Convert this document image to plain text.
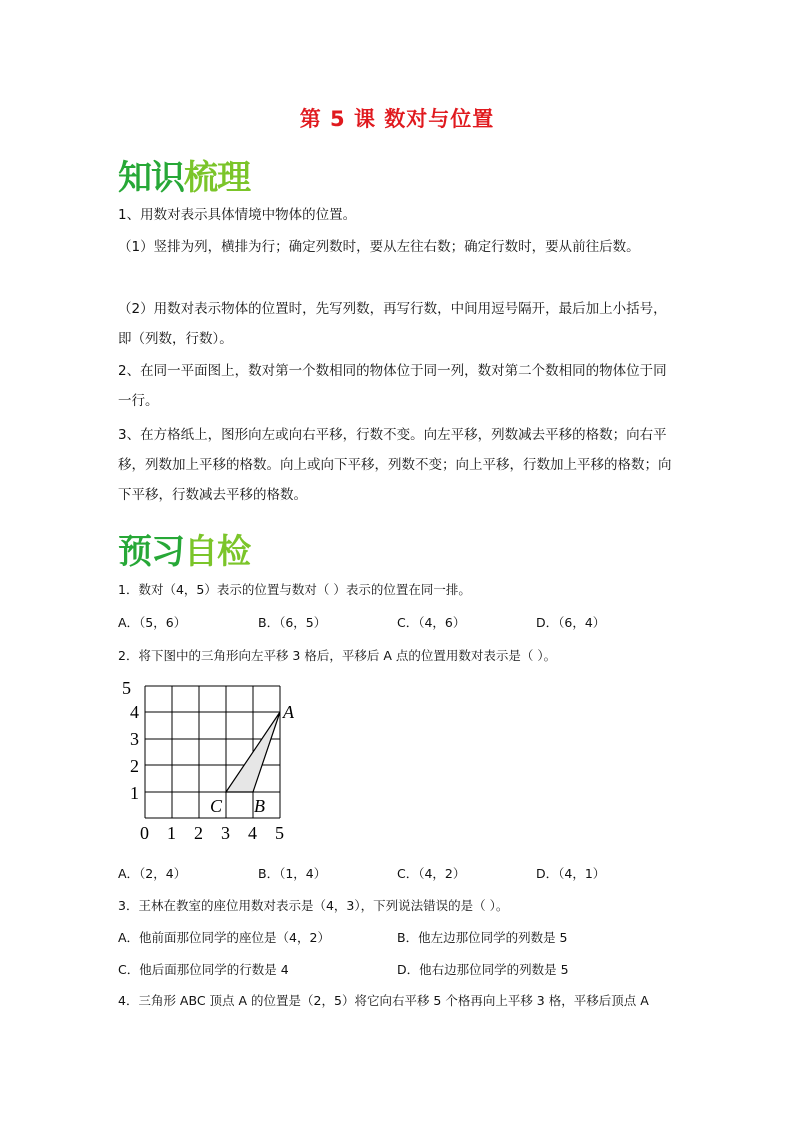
第 5 课 数对与位置
知识梳理
1、用数对表示具体情境中物体的位置。
（1）竖排为列，横排为行；确定列数时，要从左往右数；确定行数时，要从前往后数。
（2）用数对表示物体的位置时，先写列数，再写行数，中间用逗号隔开，最后加上小括号，即（列数，行数）。
2、在同一平面图上，数对第一个数相同的物体位于同一列，数对第二个数相同的物体位于同一行。
3、在方格纸上，图形向左或向右平移，行数不变。向左平移，列数减去平移的格数；向右平移，列数加上平移的格数。向上或向下平移，列数不变；向上平移，行数加上平移的格数；向下平移，行数减去平移的格数。
预习自检
1．数对（4，5）表示的位置与数对（ ）表示的位置在同一排。
A．（5，6）	B．（6，5）	C．（4，6）	D．（6，4）
2．将下图中的三角形向左平移 3 格后，平移后 A 点的位置用数对表示是（ ）。
5
4
3
2
1
0 1 2 3 4 5
A
B
C
A．（2，4）	B．（1，4）	C．（4，2）	D．（4，1）
3．王林在教室的座位用数对表示是（4，3），下列说法错误的是（ ）。
A．他前面那位同学的座位是（4，2）	B．他左边那位同学的列数是 5
C．他后面那位同学的行数是 4	D．他右边那位同学的列数是 5
4．三角形 ABC 顶点 A 的位置是（2，5）将它向右平移 5 个格再向上平移 3 格，平移后顶点 A
